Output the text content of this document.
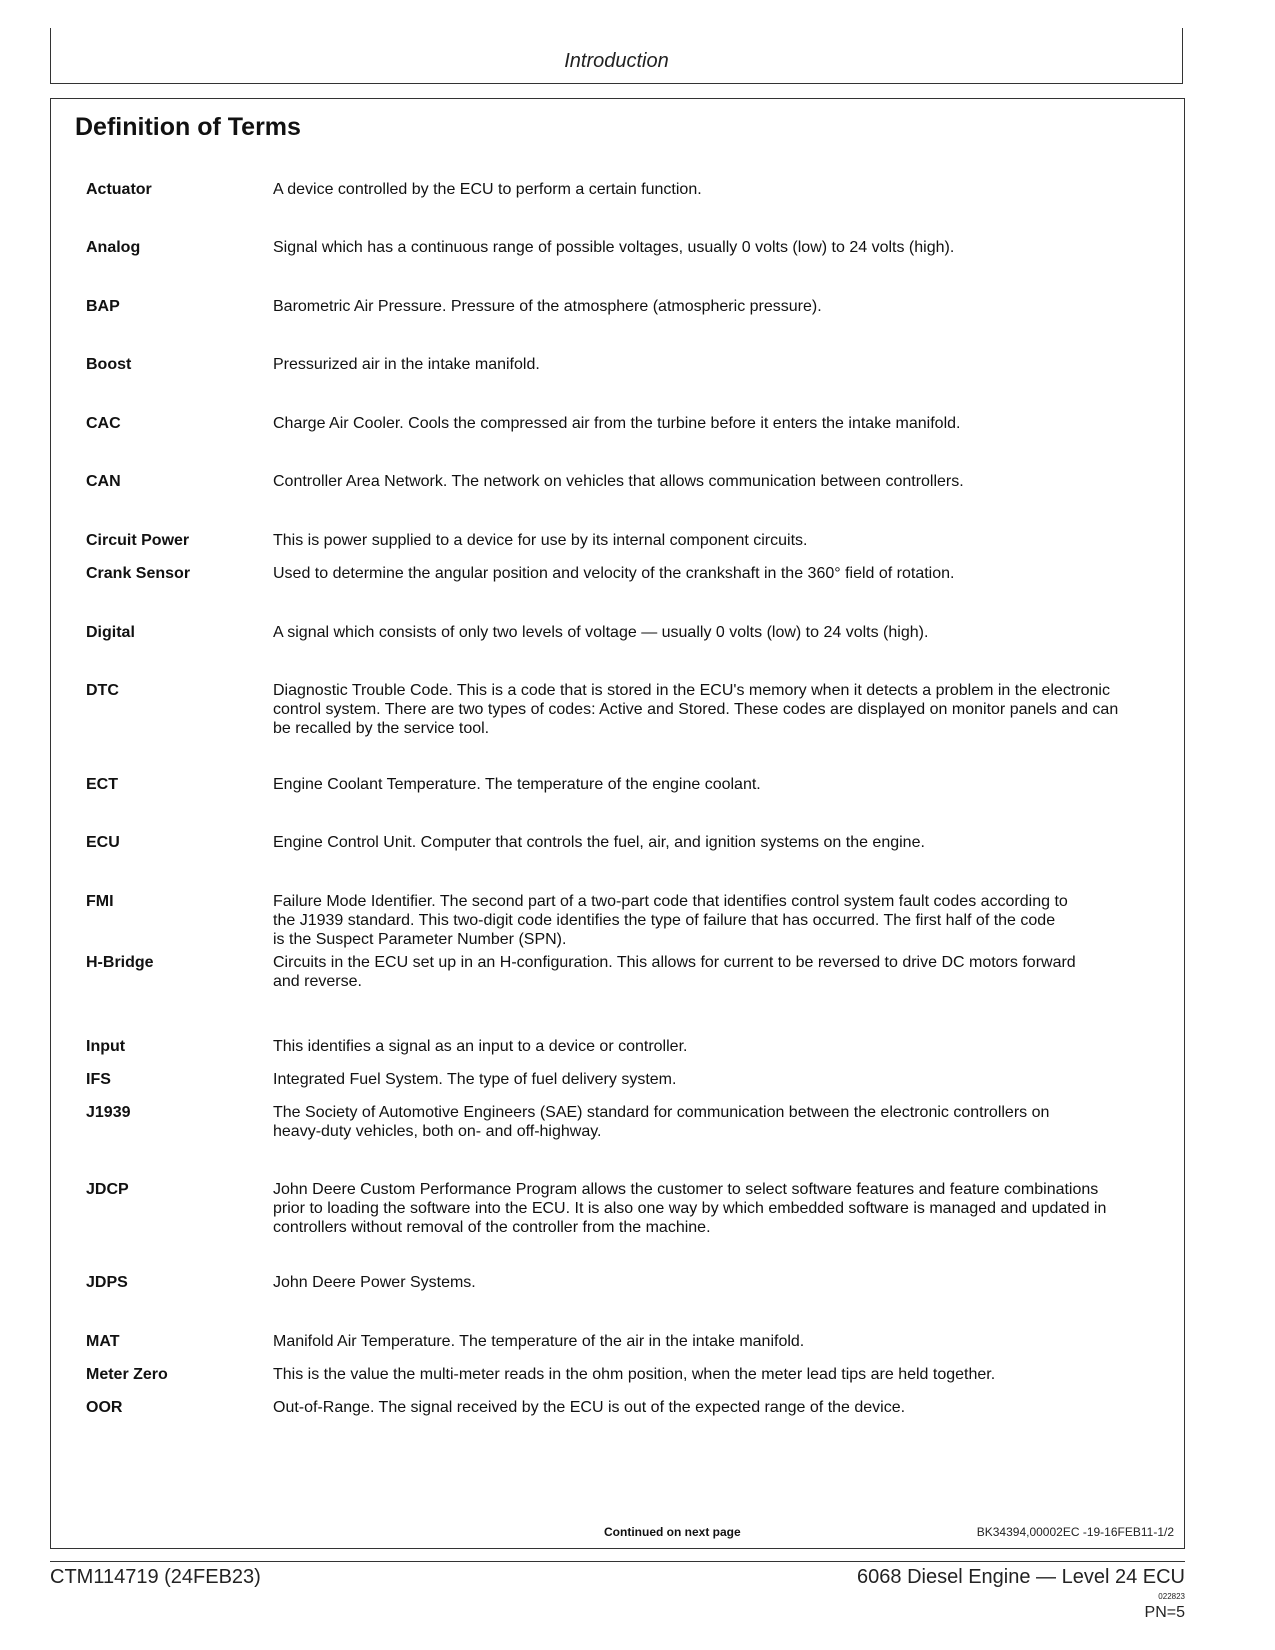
Introduction
Definition of Terms
Actuator	A device controlled by the ECU to perform a certain function.
Analog	Signal which has a continuous range of possible voltages, usually 0 volts (low) to 24 volts (high).
BAP	Barometric Air Pressure. Pressure of the atmosphere (atmospheric pressure).
Boost	Pressurized air in the intake manifold.
CAC	Charge Air Cooler. Cools the compressed air from the turbine before it enters the intake manifold.
CAN	Controller Area Network. The network on vehicles that allows communication between controllers.
Circuit Power	This is power supplied to a device for use by its internal component circuits.
Crank Sensor	Used to determine the angular position and velocity of the crankshaft in the 360° field of rotation.
Digital	A signal which consists of only two levels of voltage — usually 0 volts (low) to 24 volts (high).
DTC	Diagnostic Trouble Code. This is a code that is stored in the ECU's memory when it detects a problem in the electronic
control system. There are two types of codes: Active and Stored. These codes are displayed on monitor panels and can
be recalled by the service tool.
ECT	Engine Coolant Temperature. The temperature of the engine coolant.
ECU	Engine Control Unit. Computer that controls the fuel, air, and ignition systems on the engine.
FMI	Failure Mode Identifier. The second part of a two-part code that identifies control system fault codes according to
the J1939 standard. This two-digit code identifies the type of failure that has occurred. The first half of the code
is the Suspect Parameter Number (SPN).
H-Bridge	Circuits in the ECU set up in an H-configuration. This allows for current to be reversed to drive DC motors forward
and reverse.
Input	This identifies a signal as an input to a device or controller.
IFS	Integrated Fuel System. The type of fuel delivery system.
J1939	The Society of Automotive Engineers (SAE) standard for communication between the electronic controllers on
heavy-duty vehicles, both on- and off-highway.
JDCP	John Deere Custom Performance Program allows the customer to select software features and feature combinations
prior to loading the software into the ECU. It is also one way by which embedded software is managed and updated in
controllers without removal of the controller from the machine.
JDPS	John Deere Power Systems.
MAT	Manifold Air Temperature. The temperature of the air in the intake manifold.
Meter Zero	This is the value the multi-meter reads in the ohm position, when the meter lead tips are held together.
OOR	Out-of-Range. The signal received by the ECU is out of the expected range of the device.
Continued on next page	BK34394,00002EC -19-16FEB11-1/2
CTM114719 (24FEB23)	6068 Diesel Engine — Level 24 ECU
022823
PN=5
